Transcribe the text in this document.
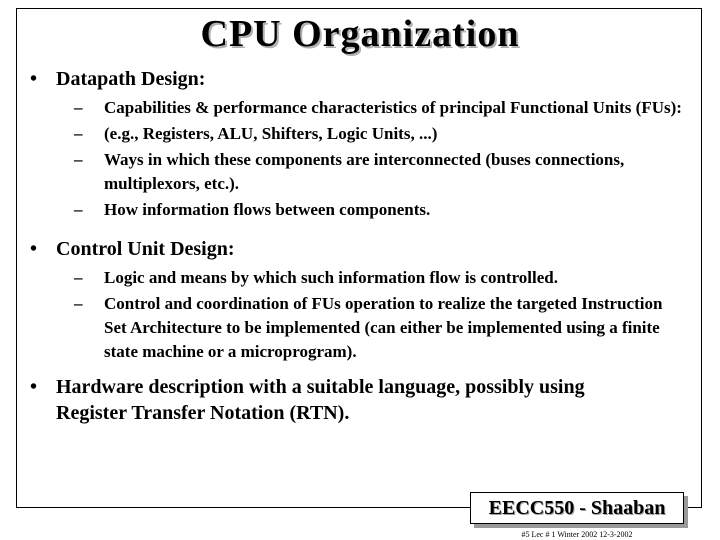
CPU Organization
• Datapath Design:
–	Capabilities & performance characteristics of principal Functional Units (FUs):
–	(e.g., Registers, ALU, Shifters, Logic Units, ...)
–	Ways in which these components are interconnected (buses connections, multiplexors, etc.).
–	How information flows between components.
• Control Unit Design:
–	Logic and means by which such information flow is controlled.
–	Control and coordination of FUs operation to realize the targeted Instruction Set Architecture to be implemented (can either be implemented using a finite state machine or a microprogram).
• Hardware description with a suitable language, possibly using Register Transfer Notation (RTN).
EECC550 - Shaaban
#5 Lec # 1 Winter 2002 12-3-2002
